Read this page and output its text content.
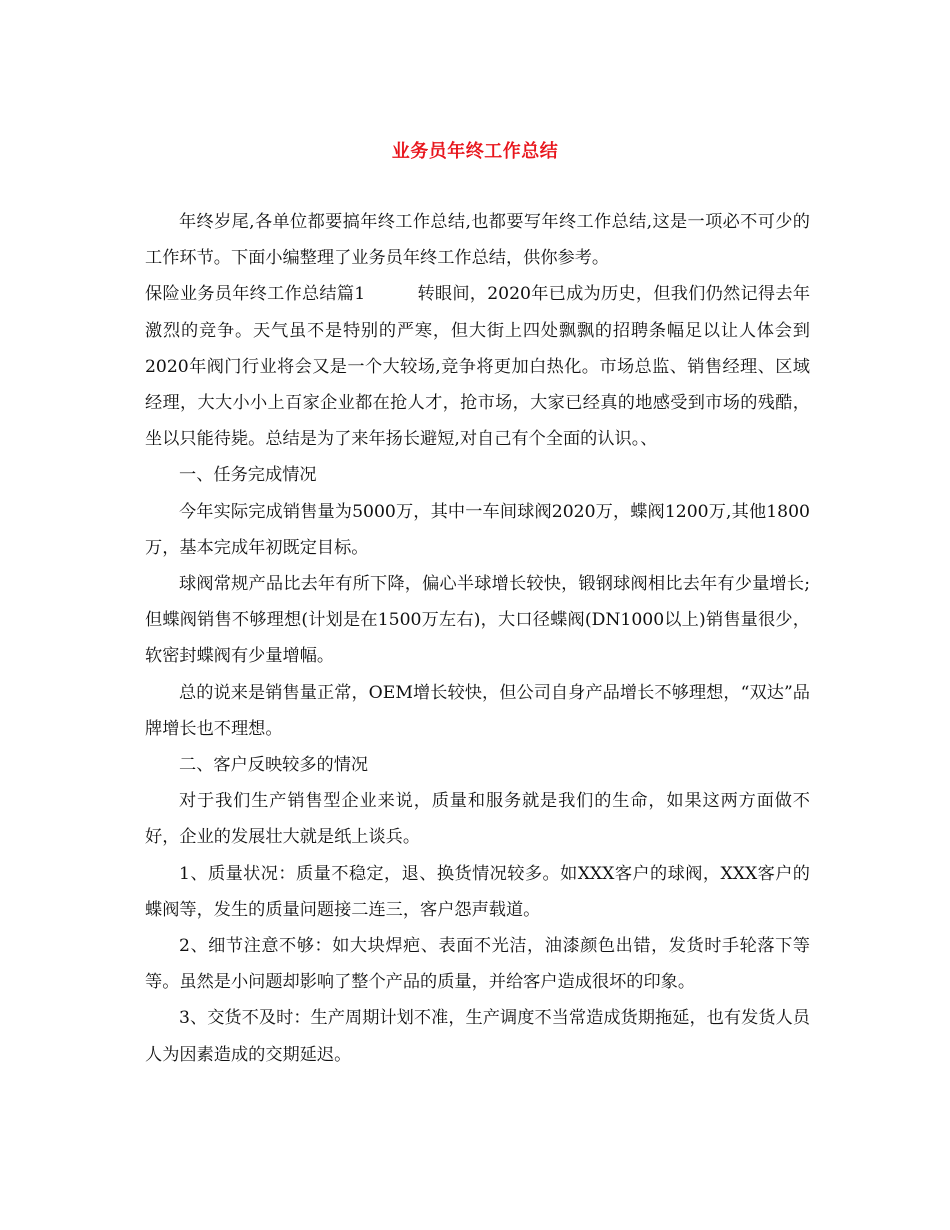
业务员年终工作总结

年终岁尾,各单位都要搞年终工作总结,也都要写年终工作总结,这是一项必不可少的工作环节。下面小编整理了业务员年终工作总结，供你参考。

保险业务员年终工作总结篇1	转眼间，2020年已成为历史，但我们仍然记得去年激烈的竞争。天气虽不是特别的严寒，但大街上四处飘飘的招聘条幅足以让人体会到2020年阀门行业将会又是一个大较场,竞争将更加白热化。市场总监、销售经理、区域经理，大大小小上百家企业都在抢人才，抢市场，大家已经真的地感受到市场的残酷，坐以只能待毙。总结是为了来年扬长避短,对自己有个全面的认识。、

一、任务完成情况

今年实际完成销售量为5000万，其中一车间球阀2020万，蝶阀1200万,其他1800万，基本完成年初既定目标。

球阀常规产品比去年有所下降，偏心半球增长较快，锻钢球阀相比去年有少量增长;但蝶阀销售不够理想(计划是在1500万左右)，大口径蝶阀(DN1000以上)销售量很少，软密封蝶阀有少量增幅。

总的说来是销售量正常，OEM增长较快，但公司自身产品增长不够理想，“双达”品牌增长也不理想。

二、客户反映较多的情况

对于我们生产销售型企业来说，质量和服务就是我们的生命，如果这两方面做不好，企业的发展壮大就是纸上谈兵。

1、质量状况：质量不稳定，退、换货情况较多。如XXX客户的球阀，XXX客户的蝶阀等，发生的质量问题接二连三，客户怨声载道。

2、细节注意不够：如大块焊疤、表面不光洁，油漆颜色出错，发货时手轮落下等等。虽然是小问题却影响了整个产品的质量，并给客户造成很坏的印象。

3、交货不及时：生产周期计划不准，生产调度不当常造成货期拖延，也有发货人员人为因素造成的交期延迟。
